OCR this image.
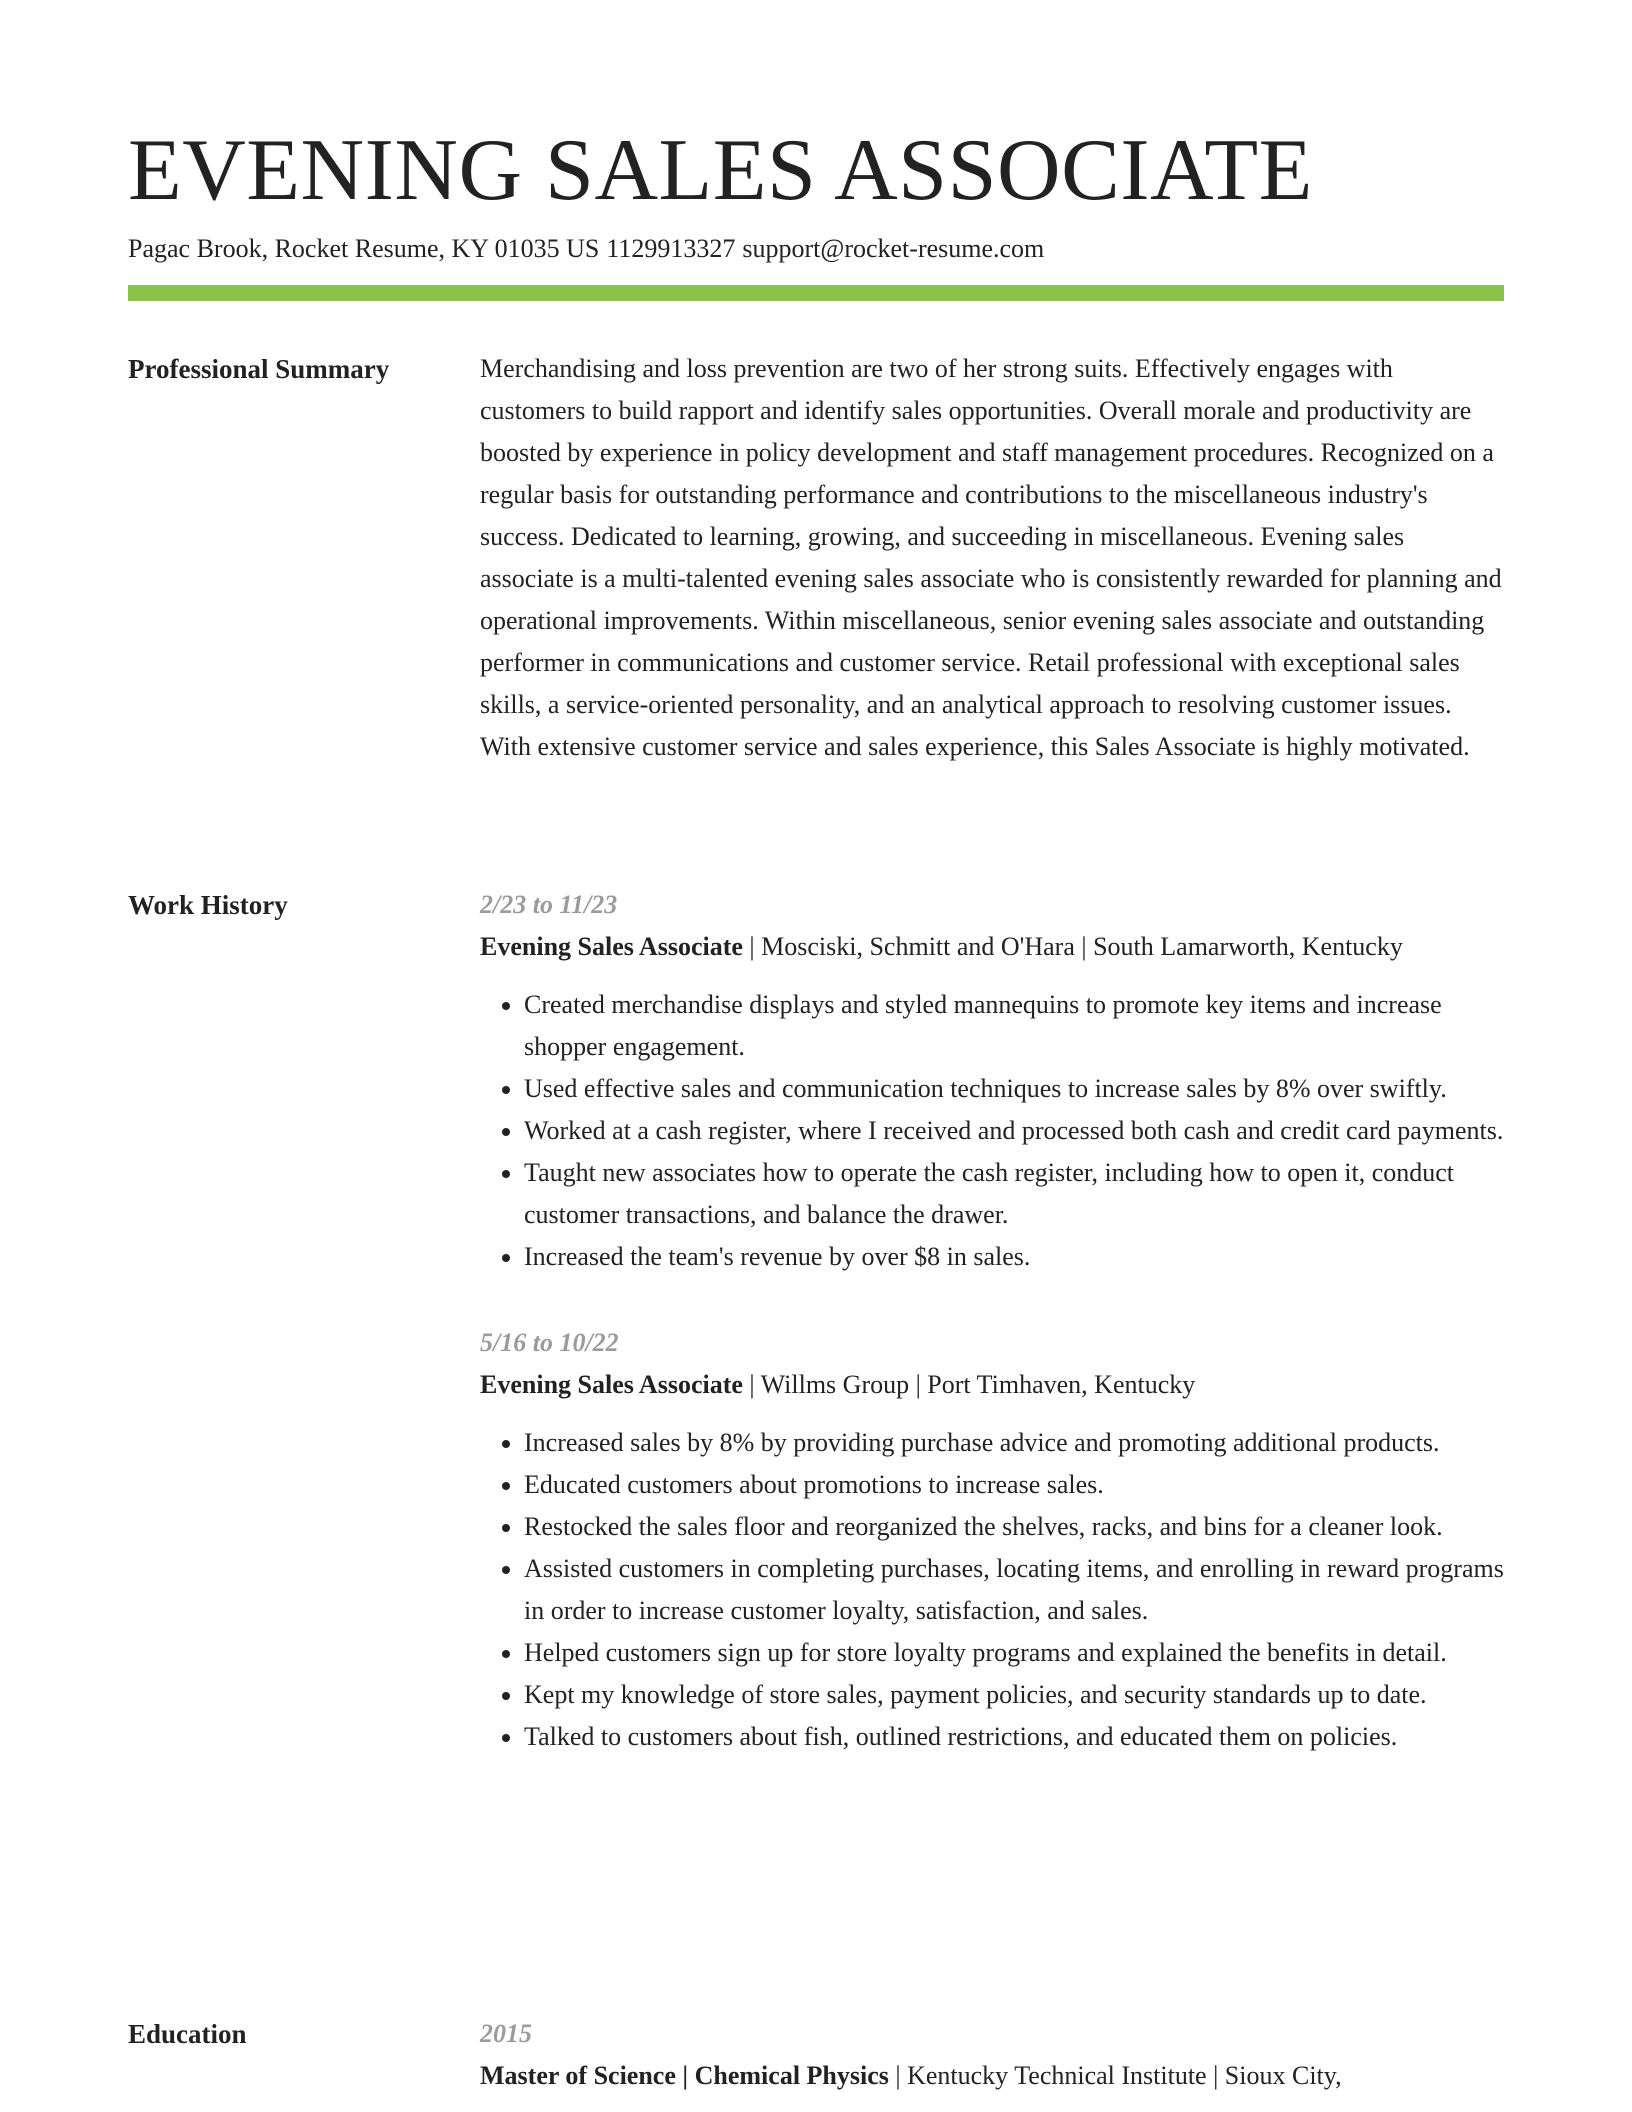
EVENING SALES ASSOCIATE
Pagac Brook, Rocket Resume, KY 01035 US 1129913327 support@rocket-resume.com
Professional Summary	Merchandising and loss prevention are two of her strong suits. Effectively engages with customers to build rapport and identify sales opportunities. Overall morale and productivity are boosted by experience in policy development and staff management procedures. Recognized on a regular basis for outstanding performance and contributions to the miscellaneous industry's success. Dedicated to learning, growing, and succeeding in miscellaneous. Evening sales associate is a multi-talented evening sales associate who is consistently rewarded for planning and operational improvements. Within miscellaneous, senior evening sales associate and outstanding performer in communications and customer service. Retail professional with exceptional sales skills, a service-oriented personality, and an analytical approach to resolving customer issues. With extensive customer service and sales experience, this Sales Associate is highly motivated.

Work History	2/23 to 11/23

Evening Sales Associate | Mosciski, Schmitt and O'Hara | South Lamarworth, Kentucky

• Created merchandise displays and styled mannequins to promote key items and increase shopper engagement.
• Used effective sales and communication techniques to increase sales by 8% over swiftly.
• Worked at a cash register, where I received and processed both cash and credit card payments.
• Taught new associates how to operate the cash register, including how to open it, conduct customer transactions, and balance the drawer.
• Increased the team's revenue by over $8 in sales.

5/16 to 10/22

Evening Sales Associate | Willms Group | Port Timhaven, Kentucky

• Increased sales by 8% by providing purchase advice and promoting additional products.
• Educated customers about promotions to increase sales.
• Restocked the sales floor and reorganized the shelves, racks, and bins for a cleaner look.
• Assisted customers in completing purchases, locating items, and enrolling in reward programs in order to increase customer loyalty, satisfaction, and sales.
• Helped customers sign up for store loyalty programs and explained the benefits in detail.
• Kept my knowledge of store sales, payment policies, and security standards up to date.
• Talked to customers about fish, outlined restrictions, and educated them on policies.
Education	2015

Master of Science | Chemical Physics | Kentucky Technical Institute | Sioux City,
